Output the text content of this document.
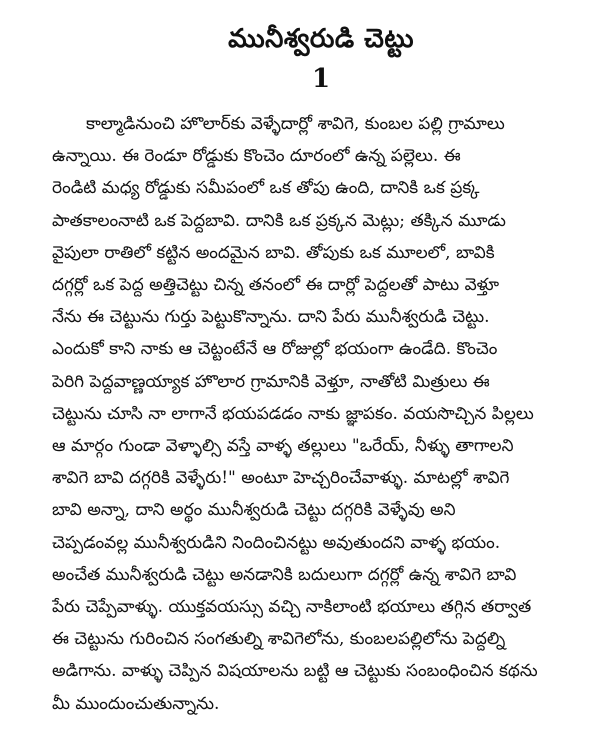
మునీశ్వరుడి చెట్టు
1
కాల్మాడినుంచి హొలార్‌కు వెళ్ళేదార్లో శావిగె, కుంబల పల్లి గ్రామాలు
ఉన్నాయి. ఈ రెండూ రోడ్డుకు కొంచెం దూరంలో ఉన్న పల్లెలు. ఈ
రెండిటి మధ్య రోడ్డుకు సమీపంలో ఒక తోపు ఉంది, దానికి ఒక ప్రక్క
పాతకాలంనాటి ఒక పెద్దబావి. దానికి ఒక ప్రక్కన మెట్లు; తక్కిన మూడు
వైపులా రాతిలో కట్టిన అందమైన బావి. తోపుకు ఒక మూలలో, బావికి
దగ్గర్లో ఒక పెద్ద అత్తిచెట్టు చిన్న తనంలో ఈ దార్లో పెద్దలతో పాటు వెళ్తూ
నేను ఈ చెట్టును గుర్తు పెట్టుకొన్నాను. దాని పేరు మునీశ్వరుడి చెట్టు.
ఎందుకో కాని నాకు ఆ చెట్టంటేనే ఆ రోజుల్లో భయంగా ఉండేది. కొంచెం
పెరిగి పెద్దవాణ్ణయ్యాక హొలార గ్రామానికి వెళ్తూ, నాతోటి మిత్రులు ఈ
చెట్టును చూసి నా లాగానే భయపడడం నాకు జ్ఞాపకం. వయసొచ్చిన పిల్లలు
ఆ మార్గం గుండా వెళ్ళాల్సి వస్తే వాళ్ళ తల్లులు "ఒరేయ్, నీళ్ళు తాగాలని
శావిగె బావి దగ్గరికి వెళ్ళేరు!" అంటూ హెచ్చరించేవాళ్ళు. మాటల్లో శావిగె
బావి అన్నా, దాని అర్థం మునీశ్వరుడి చెట్టు దగ్గరికి వెళ్ళేవు అని
చెప్పడంవల్ల మునీశ్వరుడిని నిందించినట్టు అవుతుందని వాళ్ళ భయం.
అంచేత మునీశ్వరుడి చెట్టు అనడానికి బదులుగా దగ్గర్లో ఉన్న శావిగె బావి
పేరు చెప్పేవాళ్ళు. యుక్తవయస్సు వచ్చి నాకిలాంటి భయాలు తగ్గిన తర్వాత
ఈ చెట్టును గురించిన సంగతుల్ని శావిగెలోను, కుంబలపల్లిలోను పెద్దల్ని
అడిగాను. వాళ్ళు చెప్పిన విషయాలను బట్టి ఆ చెట్టుకు సంబంధించిన కథను
మీ ముందుంచుతున్నాను.
